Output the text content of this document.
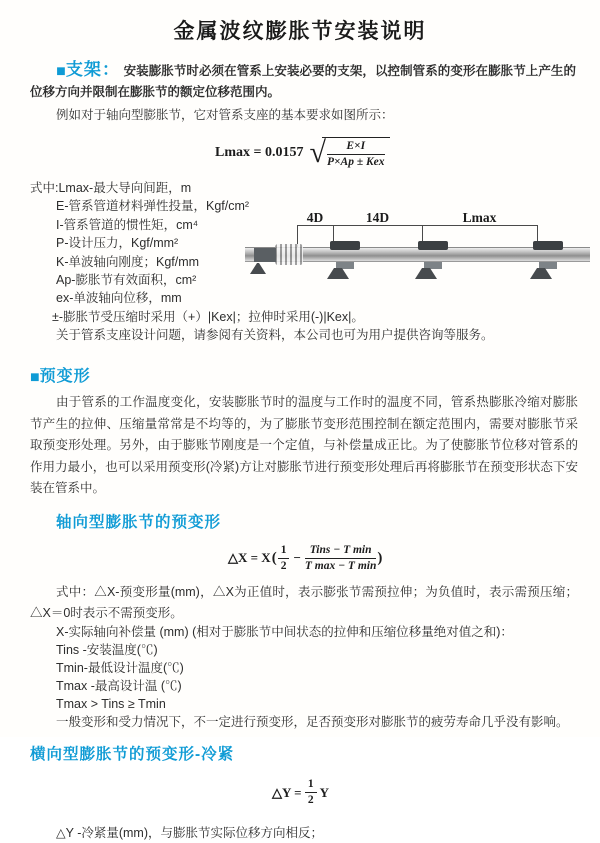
金属波纹膨胀节安装说明

■支架： 安装膨胀节时必须在管系上安装必要的支架，以控制管系的变形在膨胀节上产生的位移方向并限制在膨胀节的额定位移范围内。

例如对于轴向型膨胀节，它对管系支座的基本要求如图所示：

Lmax = 0.0157 √ $\frac{E\times I}{\text{P×Ap ± Kex}}$
式中:Lmax-最大导向间距，m
E-管系管道材料弹性投量，Kgf/cm²
I-管系管道的惯性矩，cm⁴
P-设计压力，Kgf/mm²
K-单波轴向刚度；Kgf/mm
Ap-膨胀节有效面积，cm²
ex-单波轴向位移，mm
±-膨胀节受压缩时采用（+）|Kex|；拉伸时采用(-)|Kex|。
关于管系支座设计问题，请参阅有关资料，本公司也可为用户提供咨询等服务。
4D	14D	Lmax
■预变形

由于管系的工作温度变化，安装膨胀节时的温度与工作时的温度不同，管系热膨胀冷缩对膨胀节产生的拉伸、压缩量常常是不均等的，为了膨胀节变形范围控制在额定范围内，需要对膨胀节采取预变形处理。另外，由于膨账节刚度是一个定值，与补偿量成正比。为了使膨胀节位移对管系的作用力最小，也可以采用预变形(冷紧)方让对膨胀节进行预变形处理后再将膨胀节在预变形状态下安装在管系中。

轴向型膨胀节的预变形
△X = X ( $\frac{1}{2} - \frac{\text{Tins − T min}}{\text{T max − T min}}$ )

式中：△X-预变形量(mm)，△X为正值时，表示膨张节需预拉伸；为负值时，表示需预压缩；△X＝0时表示不需预变形。

X-实际轴向补偿量 (mm) (相对于膨胀节中间状态的拉伸和压缩位移量绝对值之和)：
Tins -安装温度(℃)
Tmin-最低设计温度(℃)
Tmax -最高设计温 (℃)
Tmax > Tins ≥ Tmin
一般变形和受力情况下，不一定进行预变形，足否预变形对膨胀节的疲劳寿命几乎没有影响。
横向型膨胀节的预变形-冷紧
△Y =
$\frac{1}{2}$ Y
△Y -冷紧量(mm)，与膨胀节实际位移方向相反；
